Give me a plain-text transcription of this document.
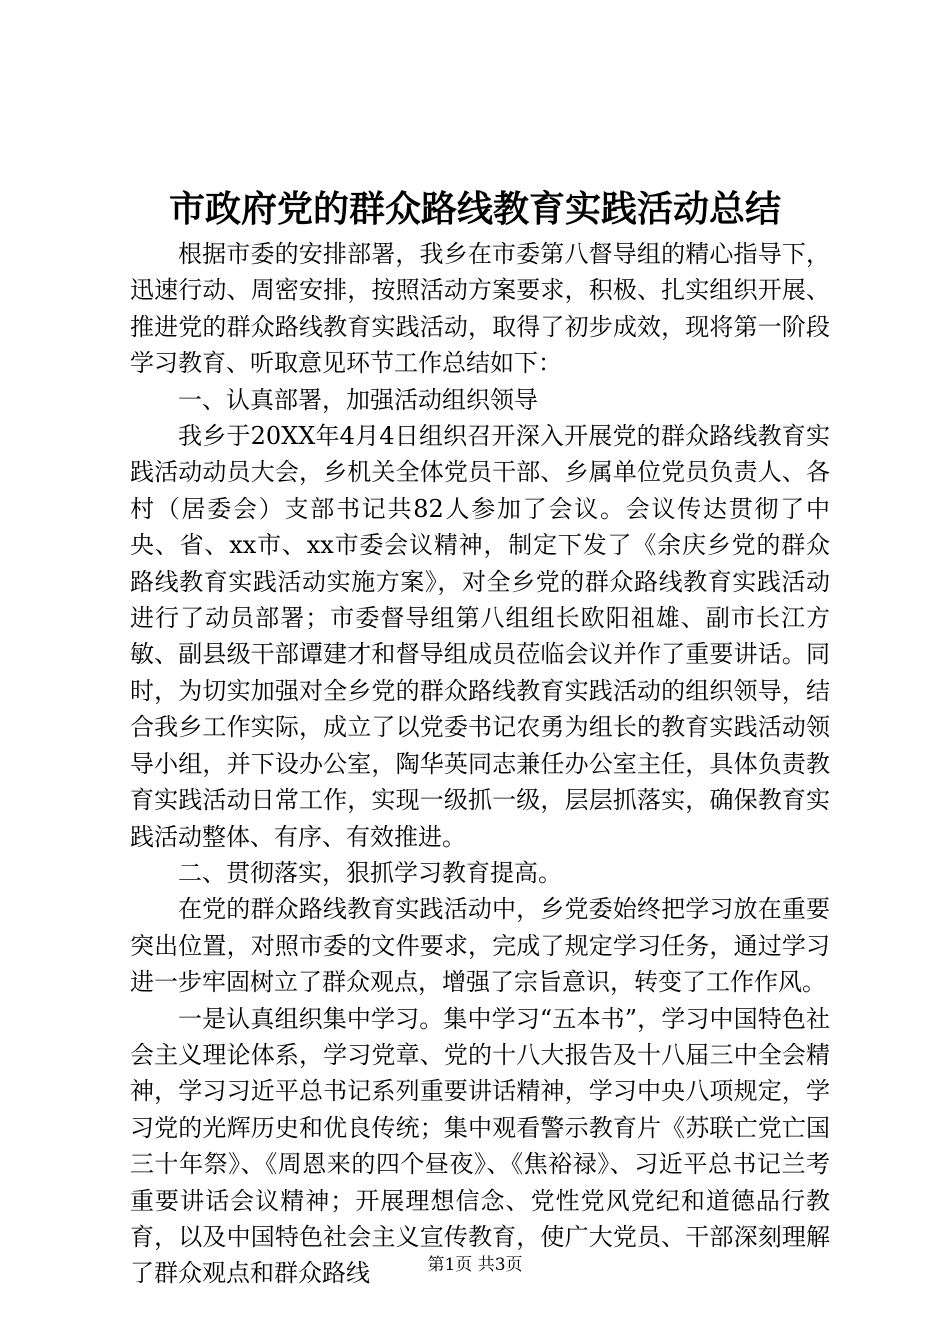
市政府党的群众路线教育实践活动总结

根据市委的安排部署，我乡在市委第八督导组的精心指导下，迅速行动、周密安排，按照活动方案要求，积极、扎实组织开展、推进党的群众路线教育实践活动，取得了初步成效，现将第一阶段学习教育、听取意见环节工作总结如下：

一、认真部署，加强活动组织领导

我乡于20XX年4月4日组织召开深入开展党的群众路线教育实践活动动员大会，乡机关全体党员干部、乡属单位党员负责人、各村（居委会）支部书记共82人参加了会议。会议传达贯彻了中央、省、xx市、xx市委会议精神，制定下发了《余庆乡党的群众路线教育实践活动实施方案》，对全乡党的群众路线教育实践活动进行了动员部署；市委督导组第八组组长欧阳祖雄、副市长江方敏、副县级干部谭建才和督导组成员莅临会议并作了重要讲话。同时，为切实加强对全乡党的群众路线教育实践活动的组织领导，结合我乡工作实际，成立了以党委书记农勇为组长的教育实践活动领导小组，并下设办公室，陶华英同志兼任办公室主任，具体负责教育实践活动日常工作，实现一级抓一级，层层抓落实，确保教育实践活动整体、有序、有效推进。

二、贯彻落实，狠抓学习教育提高。

在党的群众路线教育实践活动中，乡党委始终把学习放在重要突出位置，对照市委的文件要求，完成了规定学习任务，通过学习进一步牢固树立了群众观点，增强了宗旨意识，转变了工作作风。

一是认真组织集中学习。集中学习“五本书”，学习中国特色社会主义理论体系，学习党章、党的十八大报告及十八届三中全会精神，学习习近平总书记系列重要讲话精神，学习中央八项规定，学习党的光辉历史和优良传统；集中观看警示教育片《苏联亡党亡国三十年祭》、《周恩来的四个昼夜》、《焦裕禄》、习近平总书记兰考重要讲话会议精神；开展理想信念、党性党风党纪和道德品行教育，以及中国特色社会主义宣传教育，使广大党员、干部深刻理解了群众观点和群众路线	第1页 共3页
